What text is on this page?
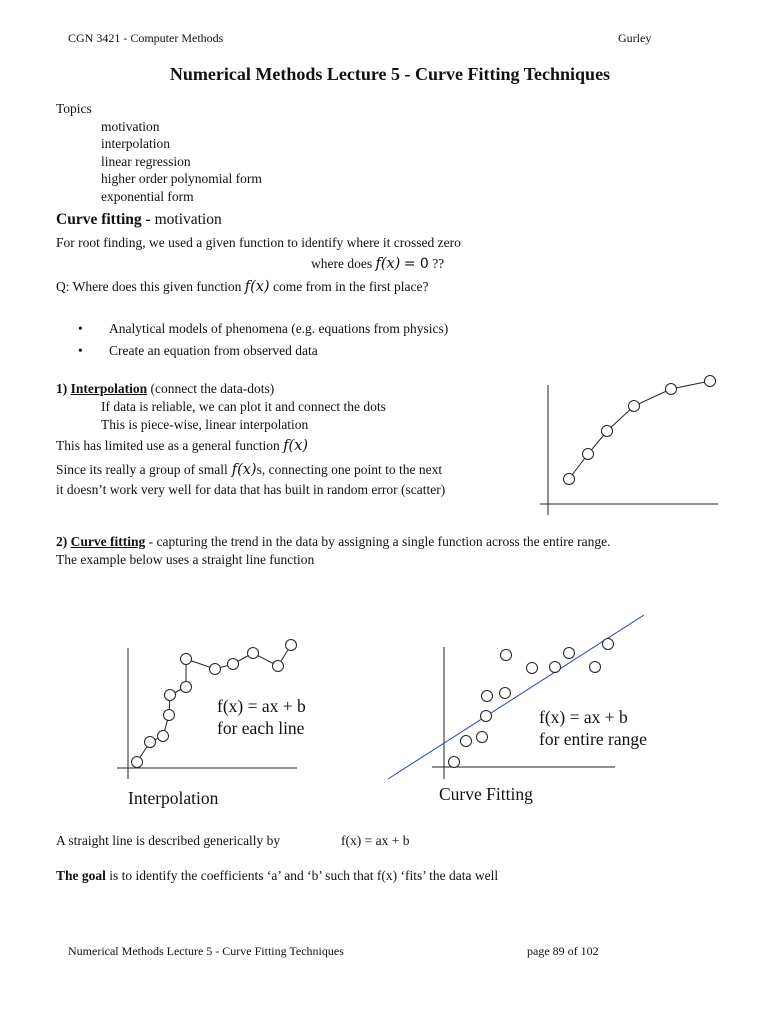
CGN 3421 - Computer Methods	Gurley
Numerical Methods Lecture 5 - Curve Fitting Techniques
Topics
motivation
interpolation
linear regression
higher order polynomial form
exponential form
Curve fitting - motivation
For root finding, we used a given function to identify where it crossed zero
where does f(x) = 0 ??
Q: Where does this given function f(x) come from in the first place?
• Analytical models of phenomena (e.g. equations from physics)
• Create an equation from observed data
1) Interpolation (connect the data-dots)
If data is reliable, we can plot it and connect the dots
This is piece-wise, linear interpolation
This has limited use as a general function f(x)
Since its really a group of small f(x)s, connecting one point to the next
it doesn’t work very well for data that has built in random error (scatter)
2) Curve fitting - capturing the trend in the data by assigning a single function across the entire range.
The example below uses a straight line function
f(x) = ax + b
for each line
Interpolation
f(x) = ax + b
for entire range
Curve Fitting
A straight line is described generically by	f(x) = ax + b
The goal is to identify the coefficients ‘a’ and ‘b’ such that f(x) ‘fits’ the data well
Numerical Methods Lecture 5 - Curve Fitting Techniques	page 89 of 102
